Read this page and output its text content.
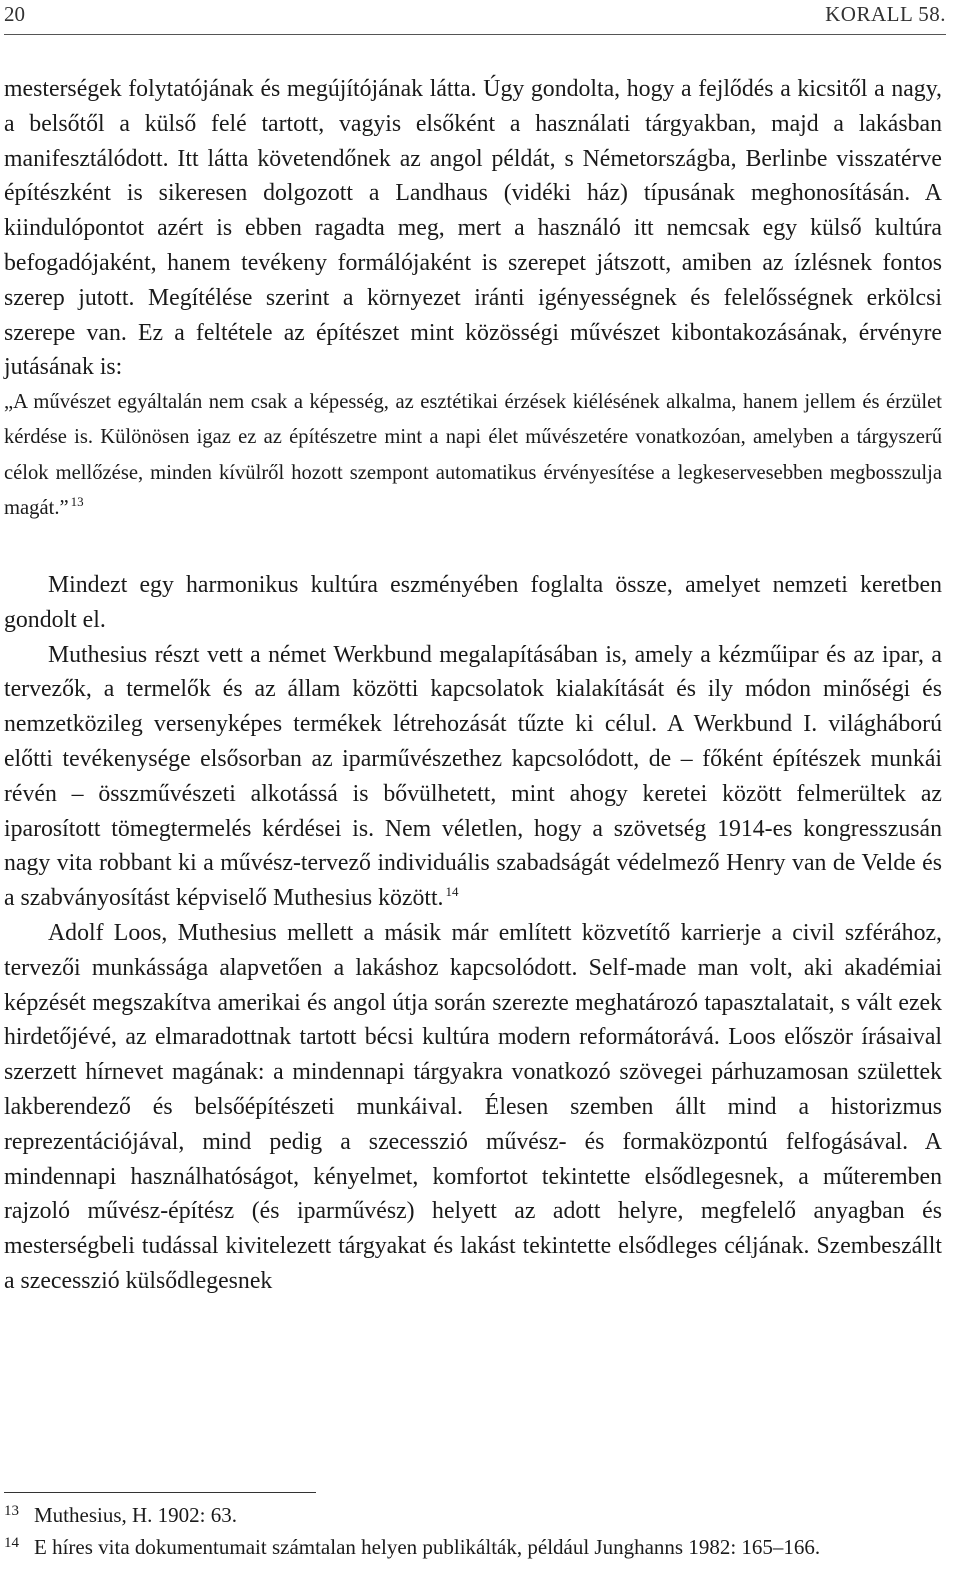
20	KORALL 58.

mesterségek folytatójának és megújítójának látta. Úgy gondolta, hogy a fejlődés a kicsitől a nagy, a belsőtől a külső felé tartott, vagyis elsőként a használati tárgyakban, majd a lakásban manifesztálódott. Itt látta követendőnek az angol példát, s Németországba, Berlinbe visszatérve építészként is sikeresen dolgozott a Landhaus (vidéki ház) típusának meghonosításán. A kiindulópontot azért is ebben ragadta meg, mert a használó itt nemcsak egy külső kultúra befogadójaként, hanem tevékeny formálójaként is szerepet játszott, amiben az ízlésnek fontos szerep jutott. Megítélése szerint a környezet iránti igényességnek és felelősségnek erkölcsi szerepe van. Ez a feltétele az építészet mint közösségi művészet kibontakozásának, érvényre jutásának is:

„A művészet egyáltalán nem csak a képesség, az esztétikai érzések kiélésének alkalma, hanem jellem és érzület kérdése is. Különösen igaz ez az építészetre mint a napi élet művészetére vonatkozóan, amelyben a tárgyszerű célok mellőzése, minden kívülről hozott szempont automatikus érvényesítése a legkeservesebben megbosszulja magát.” $^{13}$

Mindezt egy harmonikus kultúra eszményében foglalta össze, amelyet nemzeti keretben gondolt el.

Muthesius részt vett a német Werkbund megalapításában is, amely a kézműipar és az ipar, a tervezők, a termelők és az állam közötti kapcsolatok kialakítását és ily módon minőségi és nemzetközileg versenyképes termékek létrehozását tűzte ki célul. A Werkbund I. világháború előtti tevékenysége elsősorban az iparművészethez kapcsolódott, de – főként építészek munkái révén – összművészeti alkotássá is bővülhetett, mint ahogy keretei között felmerültek az iparosított tömegtermelés kérdései is. Nem véletlen, hogy a szövetség 1914-es kongresszusán nagy vita robbant ki a művész-tervező individuális szabadságát védelmező Henry van de Velde és a szabványosítást képviselő Muthesius között. $^{14}$

Adolf Loos, Muthesius mellett a másik már említett közvetítő karrierje a civil szférához, tervezői munkássága alapvetően a lakáshoz kapcsolódott. Self-made man volt, aki akadémiai képzését megszakítva amerikai és angol útja során szerezte meghatározó tapasztalatait, s vált ezek hirdetőjévé, az elmaradottnak tartott bécsi kultúra modern reformátorává. Loos először írásaival szerzett hírnevet magának: a mindennapi tárgyakra vonatkozó szövegei párhuzamosan születtek lakberendező és belsőépítészeti munkáival. Élesen szemben állt mind a historizmus reprezentációjával, mind pedig a szecesszió művész- és formaközpontú felfogásával. A mindennapi használhatóságot, kényelmet, komfortot tekintette elsődlegesnek, a műteremben rajzoló művész-építész (és iparművész) helyett az adott helyre, megfelelő anyagban és mesterségbeli tudással kivitelezett tárgyakat és lakást tekintette elsődleges céljának. Szembeszállt a szecesszió külsődlegesnek

13 Muthesius, H. 1902: 63.
14 E híres vita dokumentumait számtalan helyen publikálták, például Junghanns 1982: 165–166.
